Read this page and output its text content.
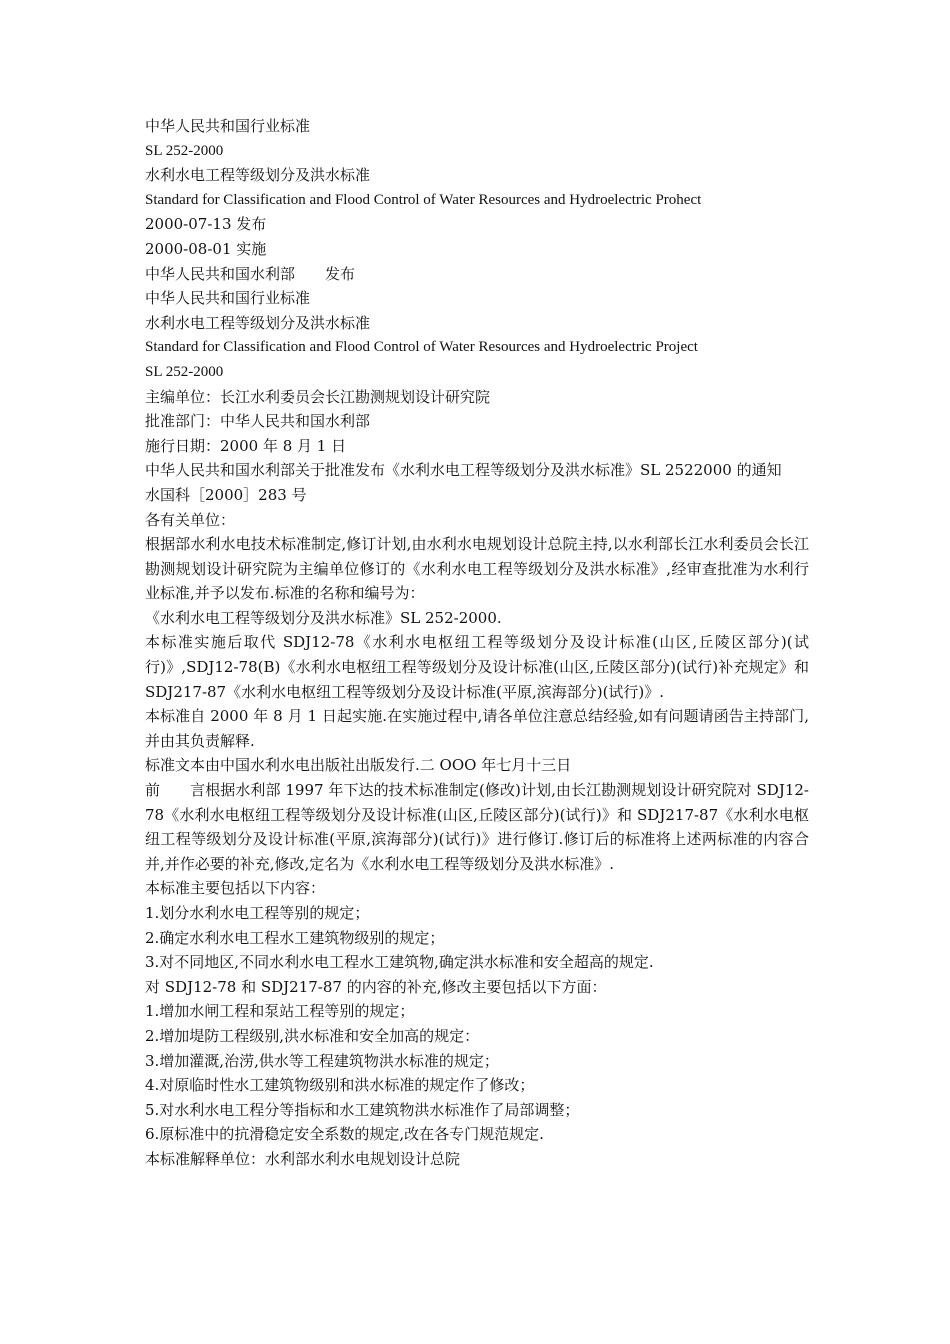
中华人民共和国行业标准
SL 252-2000
水利水电工程等级划分及洪水标准
Standard for Classification and Flood Control of Water Resources and Hydroelectric Prohect
2000-07-13 发布
2000-08-01 实施
中华人民共和国水利部　　发布
中华人民共和国行业标准
水利水电工程等级划分及洪水标准
Standard for Classification and Flood Control of Water Resources and Hydroelectric Project
SL 252-2000
主编单位：长江水利委员会长江勘测规划设计研究院
批准部门：中华人民共和国水利部
施行日期：2000 年 8 月 1 日
中华人民共和国水利部关于批准发布《水利水电工程等级划分及洪水标准》SL 2522000 的通知
水国科［2000］283 号
各有关单位：
根据部水利水电技术标准制定,修订计划,由水利水电规划设计总院主持,以水利部长江水利委员会长江勘测规划设计研究院为主编单位修订的《水利水电工程等级划分及洪水标准》,经审查批准为水利行业标准,并予以发布.标准的名称和编号为：
《水利水电工程等级划分及洪水标准》SL 252-2000.
本标准实施后取代 SDJ12-78《水利水电枢纽工程等级划分及设计标准(山区,丘陵区部分)(试行)》,SDJ12-78(B)《水利水电枢纽工程等级划分及设计标准(山区,丘陵区部分)(试行)补充规定》和 SDJ217-87《水利水电枢纽工程等级划分及设计标准(平原,滨海部分)(试行)》.
本标准自 2000 年 8 月 1 日起实施.在实施过程中,请各单位注意总结经验,如有问题请函告主持部门,并由其负责解释.
标准文本由中国水利水电出版社出版发行.二 OOO 年七月十三日
前　　言根据水利部 1997 年下达的技术标准制定(修改)计划,由长江勘测规划设计研究院对 SDJ12-78《水利水电枢纽工程等级划分及设计标准(山区,丘陵区部分)(试行)》和 SDJ217-87《水利水电枢纽工程等级划分及设计标准(平原,滨海部分)(试行)》进行修订.修订后的标准将上述两标准的内容合并,并作必要的补充,修改,定名为《水利水电工程等级划分及洪水标准》.
本标准主要包括以下内容：
1.划分水利水电工程等别的规定；
2.确定水利水电工程水工建筑物级别的规定；
3.对不同地区,不同水利水电工程水工建筑物,确定洪水标准和安全超高的规定.
对 SDJ12-78 和 SDJ217-87 的内容的补充,修改主要包括以下方面：
1.增加水闸工程和泵站工程等别的规定；
2.增加堤防工程级别,洪水标准和安全加高的规定：
3.增加灌溉,治涝,供水等工程建筑物洪水标准的规定；
4.对原临时性水工建筑物级别和洪水标准的规定作了修改；
5.对水利水电工程分等指标和水工建筑物洪水标准作了局部调整；
6.原标准中的抗滑稳定安全系数的规定,改在各专门规范规定.
本标准解释单位：水利部水利水电规划设计总院
